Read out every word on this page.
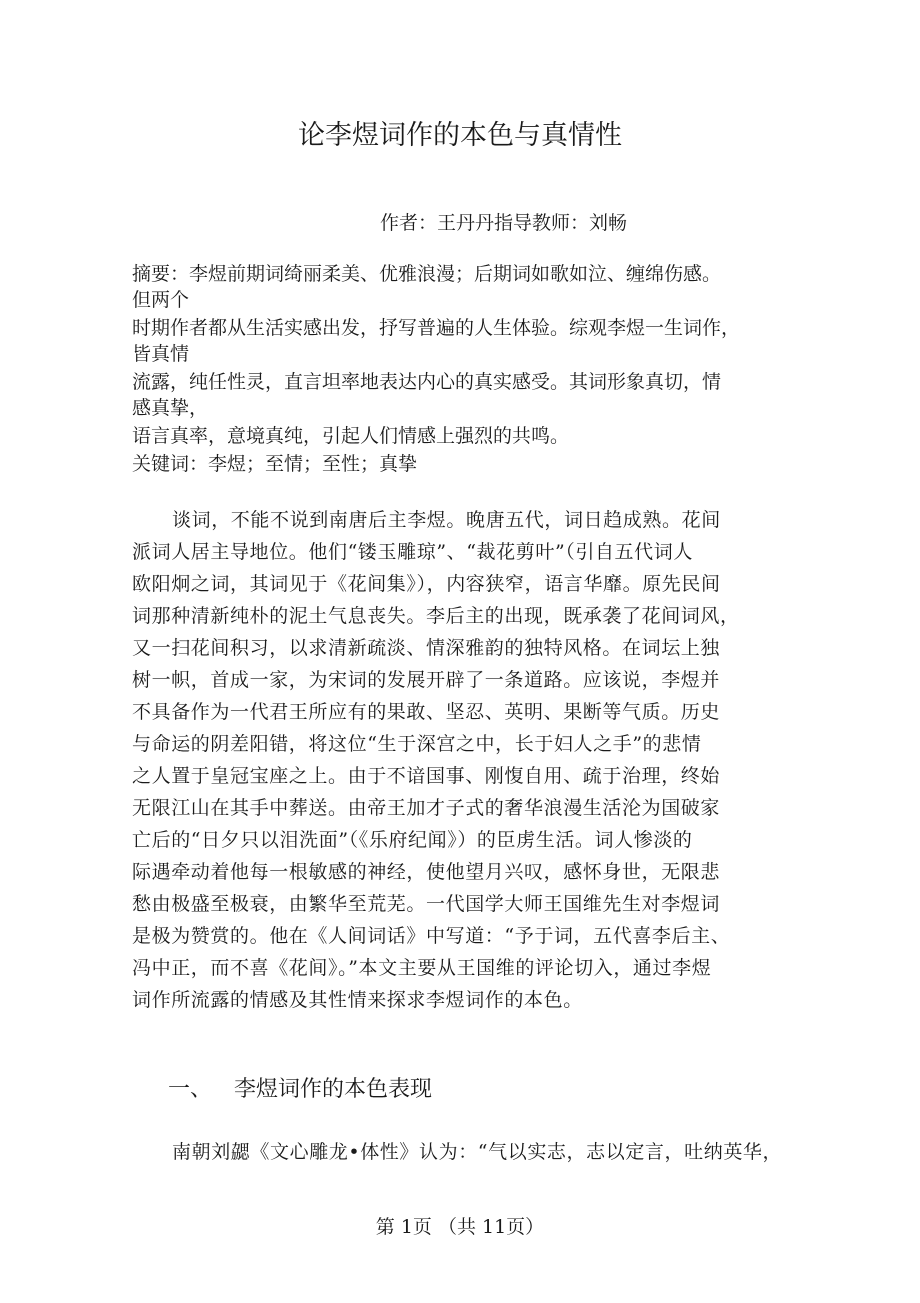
论李煜词作的本色与真情性
作者：王丹丹指导教师：刘畅
摘要：李煜前期词绮丽柔美、优雅浪漫；后期词如歌如泣、缠绵伤感。
但两个
时期作者都从生活实感出发，抒写普遍的人生体验。综观李煜一生词作，
皆真情
流露，纯任性灵，直言坦率地表达内心的真实感受。其词形象真切，情
感真挚，
语言真率，意境真纯，引起人们情感上强烈的共鸣。
关键词：李煜；至情；至性；真挚
谈词，不能不说到南唐后主李煜。晚唐五代，词日趋成熟。花间
派词人居主导地位。他们“镂玉雕琼”、“裁花剪叶”（引自五代词人
欧阳炯之词，其词见于《花间集》），内容狭窄，语言华靡。原先民间
词那种清新纯朴的泥土气息丧失。李后主的出现，既承袭了花间词风，
又一扫花间积习，以求清新疏淡、情深雅韵的独特风格。在词坛上独
树一帜，首成一家，为宋词的发展开辟了一条道路。应该说，李煜并
不具备作为一代君王所应有的果敢、坚忍、英明、果断等气质。历史
与命运的阴差阳错，将这位“生于深宫之中，长于妇人之手”的悲情
之人置于皇冠宝座之上。由于不谙国事、刚愎自用、疏于治理，终始
无限江山在其手中葬送。由帝王加才子式的奢华浪漫生活沦为国破家
亡后的“日夕只以泪洗面”（《乐府纪闻》）的臣虏生活。词人惨淡的
际遇牵动着他每一根敏感的神经，使他望月兴叹，感怀身世，无限悲
愁由极盛至极衰，由繁华至荒芜。一代国学大师王国维先生对李煜词
是极为赞赏的。他在《人间词话》中写道：“予于词，五代喜李后主、
冯中正，而不喜《花间》。”本文主要从王国维的评论切入，通过李煜
词作所流露的情感及其性情来探求李煜词作的本色。
一、 李煜词作的本色表现
南朝刘勰《文心雕龙•体性》认为：“气以实志，志以定言，吐纳英华，
第 1页 （共 11页）
